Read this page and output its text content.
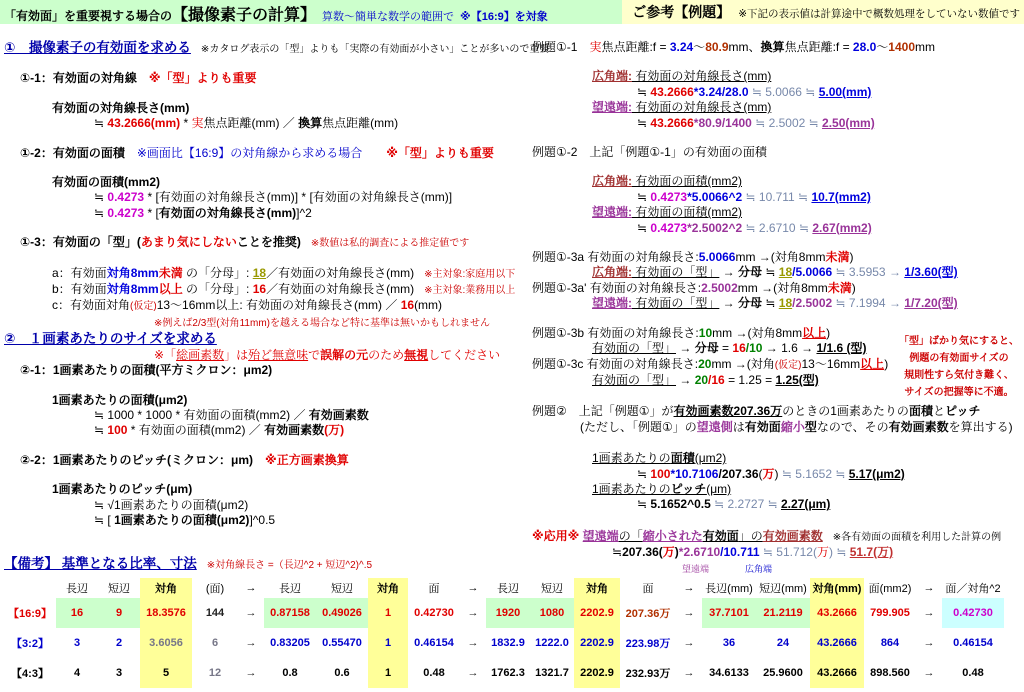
「有効面」を重要視する場合の【撮像素子の計算】 算数～簡単な数学の範囲で ※【16:9】を対象	ご参考【例題】 ※下記の表示値は計算途中で概数処理をしていない数値です
①　撮像素子の有効面を求める　※カタログ表示の「型」よりも「実際の有効面が小さい」ことが多いので重要
①-1：有効面の対角線　※「型」よりも重要
有効面の対角線長さ(mm)
≒ 43.2666(mm) * 実焦点距離(mm) ／ 換算焦点距離(mm)
①-2：有効面の面積　※画面比【16:9】の対角線から求める場合　　※「型」よりも重要
有効面の面積(mm2)
≒ 0.4273 * [有効面の対角線長さ(mm)] * [有効面の対角線長さ(mm)]
≒ 0.4273 * [有効面の対角線長さ(mm)]^2
①-3：有効面の「型」(あまり気にしないことを推奨)　※数値は私的調査による推定値です
a：有効面対角8mm未満 の「分母」: 18／有効面の対角線長さ(mm)　※主対象:家庭用以下
b：有効面対角8mm以上 の「分母」: 16／有効面の対角線長さ(mm)　※主対象:業務用以上
c：有効面対角(仮定)13～16mm以上: 有効面の対角線長さ(mm) ／ 16(mm)
※例えば2/3型(対角11mm)を越える場合など特に基準は無いかもしれません
②　１画素あたりのサイズを求める
※「総画素数」は殆ど無意味で誤解の元のため無視してください
②-1：1画素あたりの面積(平方ミクロン：μm2)
1画素あたりの面積(μm2)
≒ 1000 * 1000 * 有効面の面積(mm2) ／ 有効画素数
≒ 100 * 有効面の面積(mm2) ／ 有効画素数(万)
②-2：1画素あたりのピッチ(ミクロン：μm)　※正方画素換算
1画素あたりのピッチ(μm)
≒ √1画素あたりの面積(μm2)
≒ [ 1画素あたりの面積(μm2)]^0.5
例題①-1　実焦点距離:f = 3.24～80.9mm、換算焦点距離:f = 28.0～1400mm
広角端: 有効面の対角線長さ(mm)
≒ 43.2666*3.24/28.0 ≒ 5.0066 ≒ 5.00(mm)
望遠端: 有効面の対角線長さ(mm)
≒ 43.2666*80.9/1400 ≒ 2.5002 ≒ 2.50(mm)
例題①-2　上記「例題①-1」の有効面の面積
広角端: 有効面の面積(mm2)
≒ 0.4273*5.0066^2 ≒ 10.711 ≒ 10.7(mm2)
望遠端: 有効面の面積(mm2)
≒ 0.4273*2.5002^2 ≒ 2.6710 ≒ 2.67(mm2)
例題①-3a 有効面の対角線長さ:5.0066mm →(対角8mm未満)
広角端: 有効面の「型」 → 分母 ≒ 18/5.0066 ≒ 3.5953 → 1/3.60(型)
例題①-3a' 有効面の対角線長さ:2.5002mm →(対角8mm未満)
望遠端: 有効面の「型」 → 分母 ≒ 18/2.5002 ≒ 7.1994 → 1/7.20(型)
例題①-3b 有効面の対角線長さ:10mm →(対角8mm以上)
有効面の「型」 → 分母 = 16/10 → 1.6 → 1/1.6 (型)
例題①-3c 有効面の対角線長さ:20mm →(対角(仮定)13～16mm以上)
有効面の「型」 → 20/16 = 1.25 = 1.25(型)
例題②　上記「例題①」が有効画素数207.36万のときの1画素あたりの面積とピッチ
(ただし、「例題①」の望遠側は有効面縮小型なので、その有効画素数を算出する)
1画素あたりの面積(μm2)
≒ 100*10.7106/207.36(万) ≒ 5.1652 ≒ 5.17(μm2)
1画素あたりのピッチ(μm)
≒ 5.1652^0.5 ≒ 2.2727 ≒ 2.27(μm)
※応用※ 望遠端の「縮小された有効面」の有効画素数　※各有効面の面積を利用した計算の例
≒207.36(万)*2.6710/10.711 ≒ 51.712(万) ≒ 51.7(万)
望遠端　　　	広角端
「型」ばかり気にすると、
例題の有効面サイズの
規則性すら気付き難く、
サイズの把握等に不適。
【備考】 基準となる比率、寸法　※対角線長さ =（長辺^2 + 短辺^2)^.5
	長辺	短辺	対角	(面)	→	長辺	短辺	対角	面	→	長辺	短辺	対角	面	→	長辺(mm)	短辺(mm)	対角(mm)	面(mm2)	→	面／対角^2
【16:9】	16	9	18.3576	144	→	0.87158	0.49026	1	0.42730	→	1920	1080	2202.9	207.36万	→	37.7101	21.2119	43.2666	799.905	→	0.42730
【3:2】	3	2	3.6056	6	→	0.83205	0.55470	1	0.46154	→	1832.9	1222.0	2202.9	223.98万	→	36	24	43.2666	864	→	0.46154
【4:3】	4	3	5	12	→	0.8	0.6	1	0.48	→	1762.3	1321.7	2202.9	232.93万	→	34.6133	25.9600	43.2666	898.560	→	0.48
